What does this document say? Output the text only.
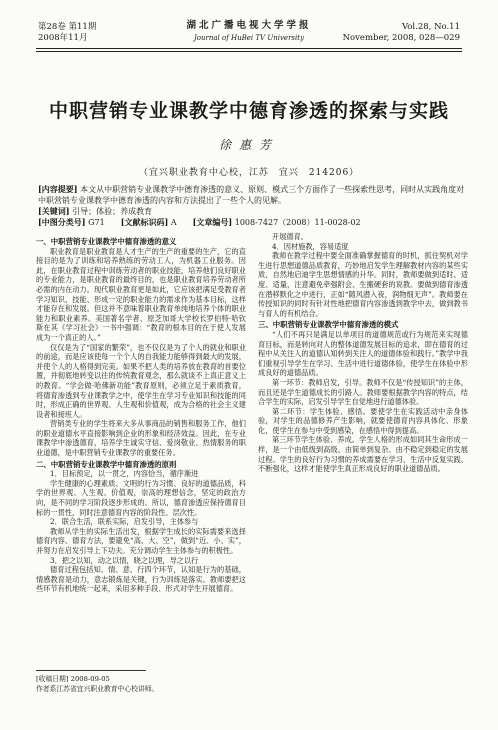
第28卷 第11期
2008年11月
湖北广播电视大学学报
Journal of HuBei TV University
Vol.28, No.11
November, 2008, 028—029
中职营销专业课教学中德育渗透的探索与实践
徐惠芳
（宜兴职业教育中心校，江苏　宜兴　214206）

[内容提要] 本文从中职营销专业课教学中德育渗透的意义、原则、模式三个方面作了一些探索性思考，同时从实践角度对中职营销专业课教学中德育渗透的内容和方法提出了一些个人的见解。

[关键词] 引导；体验；养成教育

[中图分类号] G71 [文献标识码] A [文章编号] 1008-7427（2008）11-0028-02

一、中职营销专业课教学中德育渗透的意义

职业教育是职业教育是人才生产的生产的重要的生产，它的直接目的是为了训练和培养熟练的劳动工人，为机器工业服务。因此，在职业教育过程中训练劳动者的职业技能，培养他们良好职业的专业能力，是职业教育的最终目的，也是职业教育培养劳动者所必需的内在动力。现代职业教育更是如此，它应该把满足受教育者学习知识、技能、形成一定的职业能力的需求作为基本目标，这样才能存在和发展。但这并不意味着职业教育单纯地培养个体的职业能力和职业素养。美国著名学者、原芝加哥大学校长罗伯特·哈钦斯在其《学习社会》一书中强调：“教育的根本目的在于使人发展成为一个真正的人。”

仅仅是为了“国家的繁荣”，也不仅仅是为了个人的就业和职业的前途，而是应该使每一个个人的自我能力能够得到最大的发展，并使个人的人格得到完美。如果不把人类的培养放在教育的首要位置，并彻底地转变以往的传统教育观念，那么就谈不上真正意义上的教育。“学会做·哈佛新功能”教育原则，必须立足于素质教育，将德育渗透到专业课教学之中，使学生在学习专业知识和技能的同时，形成正确的世界观、人生观和价值观，成为合格的社会主义建设者和接班人。

营销类专业的学生将来大多从事商品的销售和服务工作，他们的职业道德水平直接影响到企业的形象和经济效益。因此，在专业课教学中渗透德育，培养学生诚实守信、爱岗敬业、热情服务的职业道德，是中职营销专业课教学的重要任务。

二、中职营销专业课教学中德育渗透的原则

1．目标预定，以一贯之，内容恰当，循序渐进

学生健康的心理素质、文明的行为习惯、良好的道德品质，科学的世界观、人生观、价值观，崇高的理想信念，坚定的政治方向，是不同的学习阶段逐步形成的。所以，德育渗透应保持德育目标的一贯性，同时注意德育内容的阶段性、层次性。

2．联合生活，联系实际，启发引导，主体参与

教师从学生的实际生活出发，根据学生成长的实际需要来选择德育内容、德育方法，要避免“高、大、空”，做到“近、小、实”，并努力在启发引导上下功夫。充分调动学生主体参与的积极性。

3．把之以知，动之以情，晓之以理，导之以行

德育过程包括知、情、意、行四个环节，认知是行为的基础，情感教育是动力，意志锻炼是关键，行为训练是落实。教师要把这些环节有机地统一起来，采用多种手段、形式对学生开展德育。

开展德育。

4．因材施教，容易适度

教师在教学过程中要全面准确掌握德育的时机，抓住契机对学生进行思想道德品质教育，巧妙地启发学生理解教材内容的某些实质，自然地启迪学生思想情感的升华。同时，教师要做到适时、适度、适量，注意避免牵强附会、生搬硬套的说教。要做到德育渗透在潜移默化之中进行，正如“随风潜入夜，润物细无声”。教师要在传授知识的同时有针对性地把德育内容渗透到教学中去，做到教书与育人的有机结合。

三、中职营销专业课教学中德育渗透的模式

“人们不再只是满足以单项目的道德规范或行为规范来实现德育目标，而是转向对人的整体道德发展目标的追求，即在德育的过程中从关注人的道德认知转到关注人的道德体验和践行。”教学中我们重视引导学生在学习、生活中进行道德体验，使学生在体验中形成良好的道德品质。

第一环节：教师启发，引导。教师不仅是“传授知识”的主体，而且还是学生道德成长的引路人。教师要根据教学内容的特点，结合学生的实际，启发引导学生自觉地进行道德体验。

第二环节：学生体验、感悟。要使学生在实践活动中亲身体验，对学生的品德修养产生影响，就要使德育内容具体化、形象化，使学生在参与中受到感染，在感悟中得到提高。

第三环节学生体验、养成。学生人格的形成如同其生命形成一样，是一个由低级到高级、由简单到复杂、由不稳定到稳定的发展过程。学生的良好行为习惯的养成需要在学习、生活中反复实践、不断强化，这样才能使学生真正形成良好的职业道德品质。

[收稿日期] 2008-09-05
作者系江苏省宜兴职业教育中心校讲师。
